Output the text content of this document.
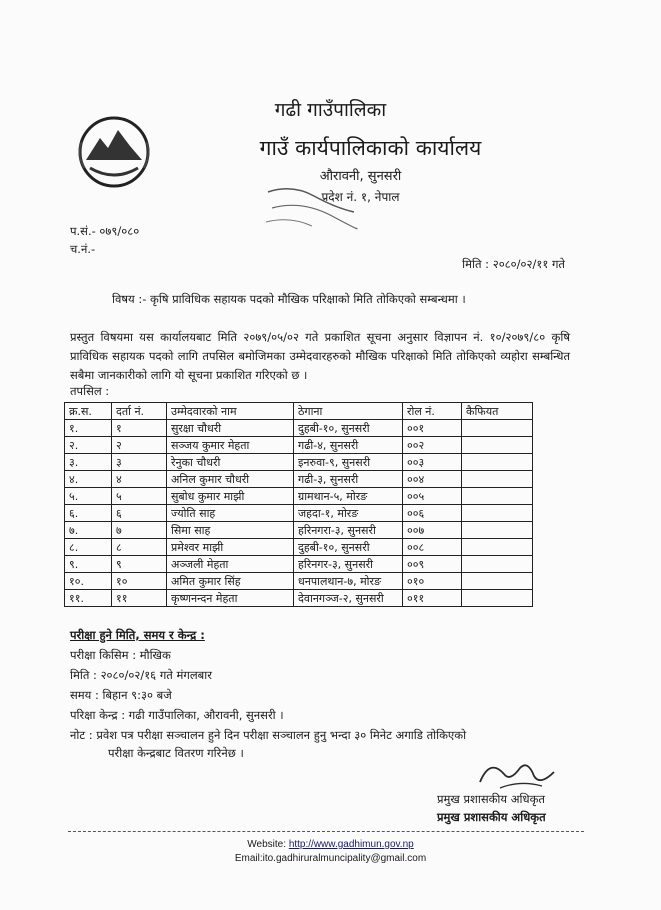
गढी गाउँपालिका
गाउँ कार्यपालिकाको कार्यालय
औरावनी, सुनसरी
प्रदेश नं. १, नेपाल
प.सं.- ०७९/०८०
च.नं.-
मिति : २०८०/०२/११ गते
विषय :- कृषि प्राविधिक सहायक पदको मौखिक परिक्षाको मिति तोकिएको सम्बन्धमा ।
प्रस्तुत विषयमा यस कार्यालयबाट मिति २०७९/०५/०२ गते प्रकाशित सूचना अनुसार विज्ञापन नं. १०/२०७९/८० कृषि प्राविधिक सहायक पदको लागि तपसिल बमोजिमका उम्मेदवारहरुको मौखिक परिक्षाको मिति तोकिएको व्यहोरा सम्बन्धित सबैमा जानकारीको लागि यो सूचना प्रकाशित गरिएको छ ।
तपसिल :
क्र.स.	दर्ता नं.	उम्मेदवारको नाम	ठेगाना	रोल नं.	कैफियत
१.	१	सुरक्षा चौधरी	दुहबी-१०, सुनसरी	००१	
२.	२	सञ्जय कुमार मेहता	गढी-४, सुनसरी	००२	
३.	३	रेनुका चौधरी	इनरुवा-९, सुनसरी	००३	
४.	४	अनिल कुमार चौधरी	गढी-३, सुनसरी	००४	
५.	५	सुबोध कुमार माझी	ग्रामथान-५, मोरङ	००५	
६.	६	ज्योति साह	जहदा-१, मोरङ	००६	
७.	७	सिमा साह	हरिनगरा-३, सुनसरी	००७	
८.	८	प्रमेश्वर माझी	दुहबी-१०, सुनसरी	००८	
९.	९	अञ्जली मेहता	हरिनगर-३, सुनसरी	००९	
१०.	१०	अमित कुमार सिंह	धनपालथान-७, मोरङ	०१०	
११.	११	कृष्णनन्दन मेहता	देवानगञ्ज-२, सुनसरी	०११	
परीक्षा हुने मिति, समय र केन्द्र :
परीक्षा किसिम : मौखिक
मिति : २०८०/०२/१६ गते मंगलबार
समय : बिहान ९:३० बजे
परिक्षा केन्द्र : गढी गाउँपालिका, औरावनी, सुनसरी ।
नोट : प्रवेश पत्र परीक्षा सञ्चालन हुने दिन परीक्षा सञ्चालन हुनु भन्दा ३० मिनेट अगाडि तोकिएको
परीक्षा केन्द्रबाट वितरण गरिनेछ ।
प्रमुख प्रशासकीय अधिकृत
प्रमुख प्रशासकीय अधिकृत
Website: http://www.gadhimun.gov.np
Email:ito.gadhiruralmuncipality@gmail.com
